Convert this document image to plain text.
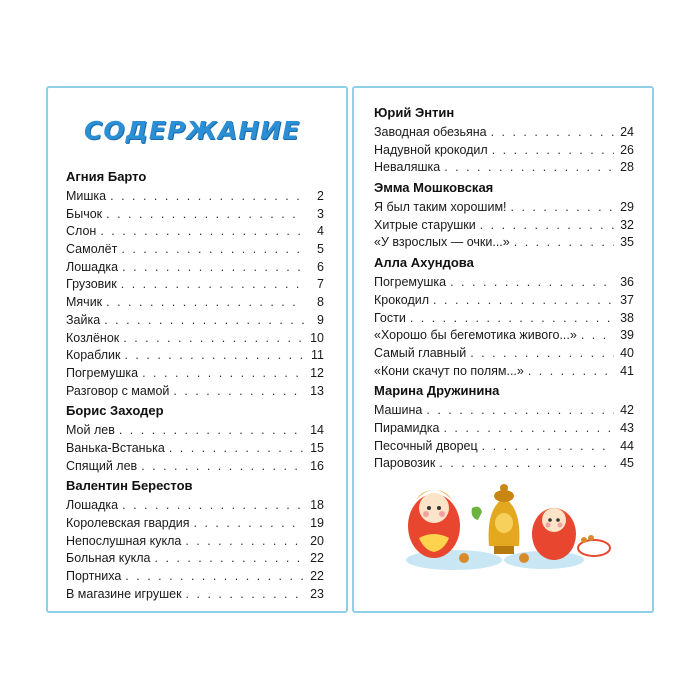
СОДЕРЖАНИЕ
Агния Барто
Мишка . . .	2
Бычок . . .	3
Слон . . .	4
Самолёт . . .	5
Лошадка . . .	6
Грузовик . . .	7
Мячик . . .	8
Зайка . . .	9
Козлёнок . . .	10
Кораблик . . .	11
Погремушка . . .	12
Разговор с мамой . . .	13
Борис Заходер
Мой лев . . .	14
Ванька-Встанька . . .	15
Спящий лев . . .	16
Валентин Берестов
Лошадка . . .	18
Королевская гвардия . . .	19
Непослушная кукла . . .	20
Больная кукла . . .	22
Портниха . . .	22
В магазине игрушек . . .	23
Юрий Энтин
Заводная обезьяна . . .	24
Надувной крокодил . . .	26
Неваляшка . . .	28
Эмма Мошковская
Я был таким хорошим! . . .	29
Хитрые старушки . . .	32
«У взрослых — очки...» . . .	35
Алла Ахундова
Погремушка . . .	36
Крокодил . . .	37
Гости . . .	38
«Хорошо бы бегемотика живого...» . . .	39
Самый главный . . .	40
«Кони скачут по полям...» . . .	41
Марина Дружинина
Машина . . .	42
Пирамидка . . .	43
Песочный дворец . . .	44
Паровозик . . .	45
